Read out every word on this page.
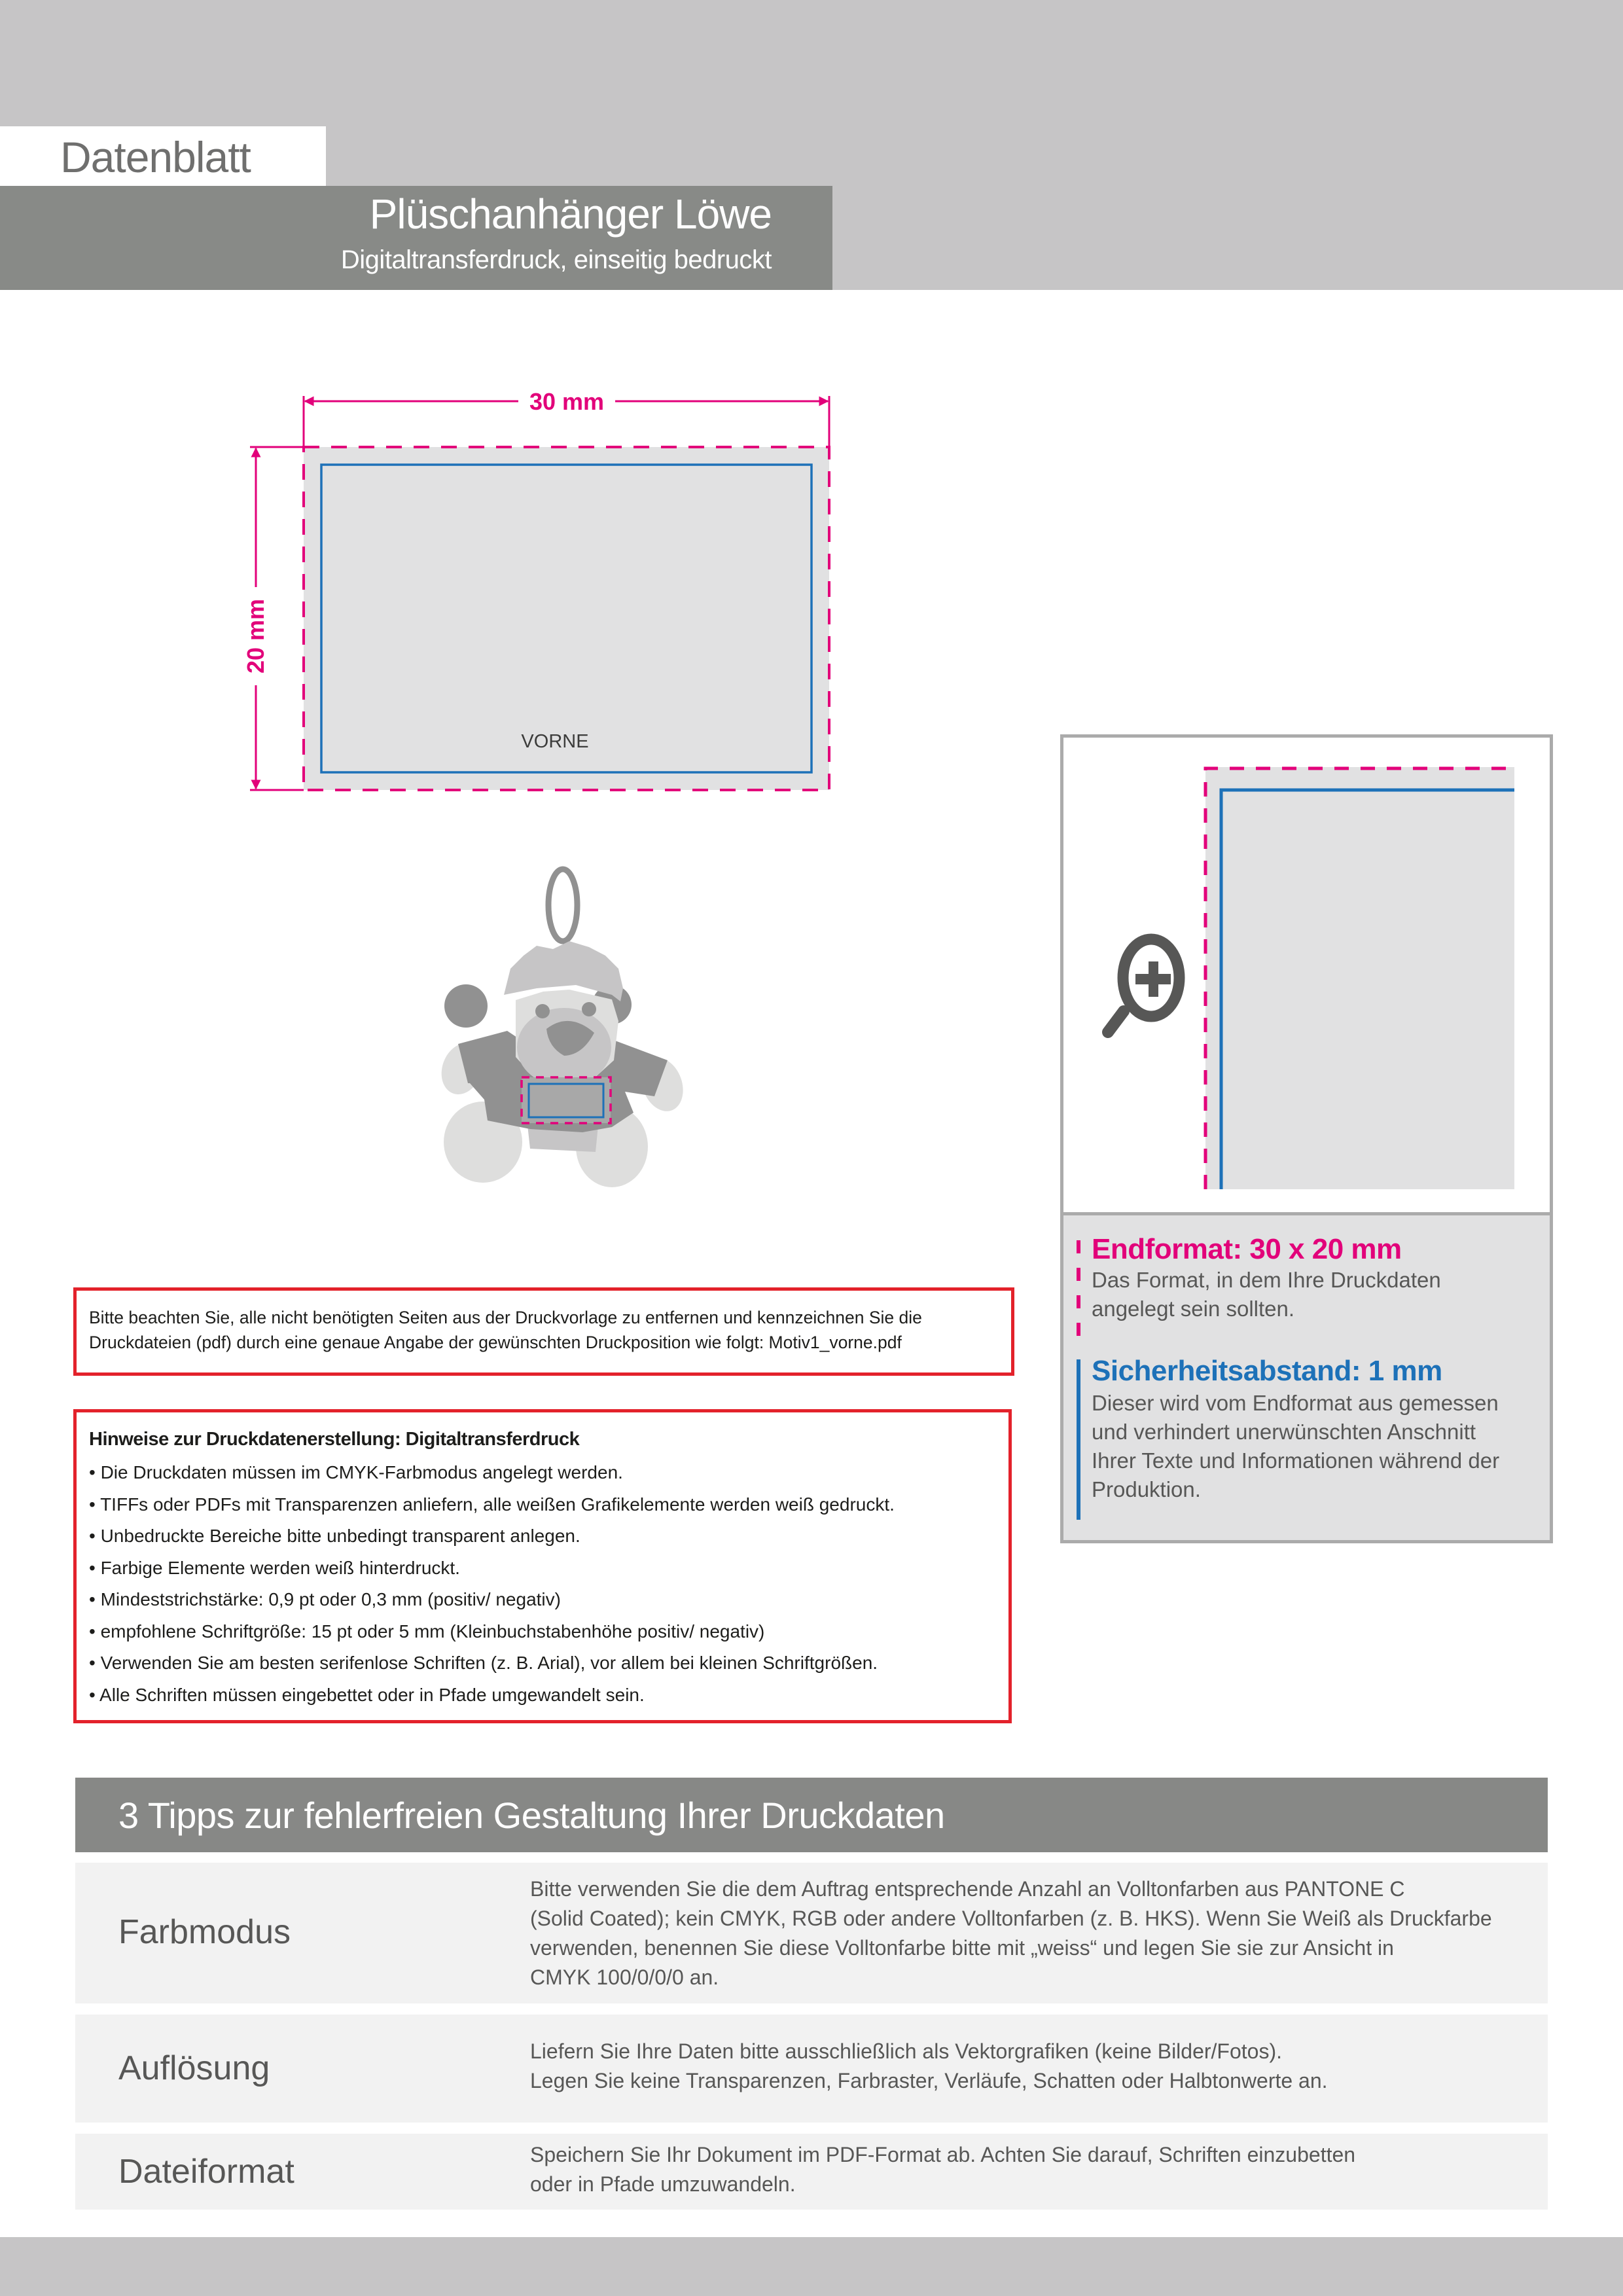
Datenblatt
Plüschanhänger Löwe
Digitaltransferdruck, einseitig bedruckt
30 mm
20 mm
VORNE
Endformat: 30 x 20 mm
Das Format, in dem Ihre Druckdaten
angelegt sein sollten.
Sicherheitsabstand: 1 mm
Dieser wird vom Endformat aus gemessen
und verhindert unerwünschten Anschnitt
Ihrer Texte und Informationen während der
Produktion.
Bitte beachten Sie, alle nicht benötigten Seiten aus der Druckvorlage zu entfernen und kennzeichnen Sie die
Druckdateien (pdf) durch eine genaue Angabe der gewünschten Druckposition wie folgt: Motiv1_vorne.pdf
Hinweise zur Druckdatenerstellung: Digitaltransferdruck
• Die Druckdaten müssen im CMYK-Farbmodus angelegt werden.
• TIFFs oder PDFs mit Transparenzen anliefern, alle weißen Grafikelemente werden weiß gedruckt.
• Unbedruckte Bereiche bitte unbedingt transparent anlegen.
• Farbige Elemente werden weiß hinterdruckt.
• Mindeststrichstärke: 0,9 pt oder 0,3 mm (positiv/ negativ)
• empfohlene Schriftgröße: 15 pt oder 5 mm (Kleinbuchstabenhöhe positiv/ negativ)
• Verwenden Sie am besten serifenlose Schriften (z. B. Arial), vor allem bei kleinen Schriftgrößen.
• Alle Schriften müssen eingebettet oder in Pfade umgewandelt sein.
3 Tipps zur fehlerfreien Gestaltung Ihrer Druckdaten
Farbmodus
Bitte verwenden Sie die dem Auftrag entsprechende Anzahl an Volltonfarben aus PANTONE C
(Solid Coated); kein CMYK, RGB oder andere Volltonfarben (z. B. HKS). Wenn Sie Weiß als Druckfarbe
verwenden, benennen Sie diese Volltonfarbe bitte mit „weiss“ und legen Sie sie zur Ansicht in
CMYK 100/0/0/0 an.
Auflösung	Liefern Sie Ihre Daten bitte ausschließlich als Vektorgrafiken (keine Bilder/Fotos).
Legen Sie keine Transparenzen, Farbraster, Verläufe, Schatten oder Halbtonwerte an.
Dateiformat	Speichern Sie Ihr Dokument im PDF-Format ab. Achten Sie darauf, Schriften einzubetten
oder in Pfade umzuwandeln.
